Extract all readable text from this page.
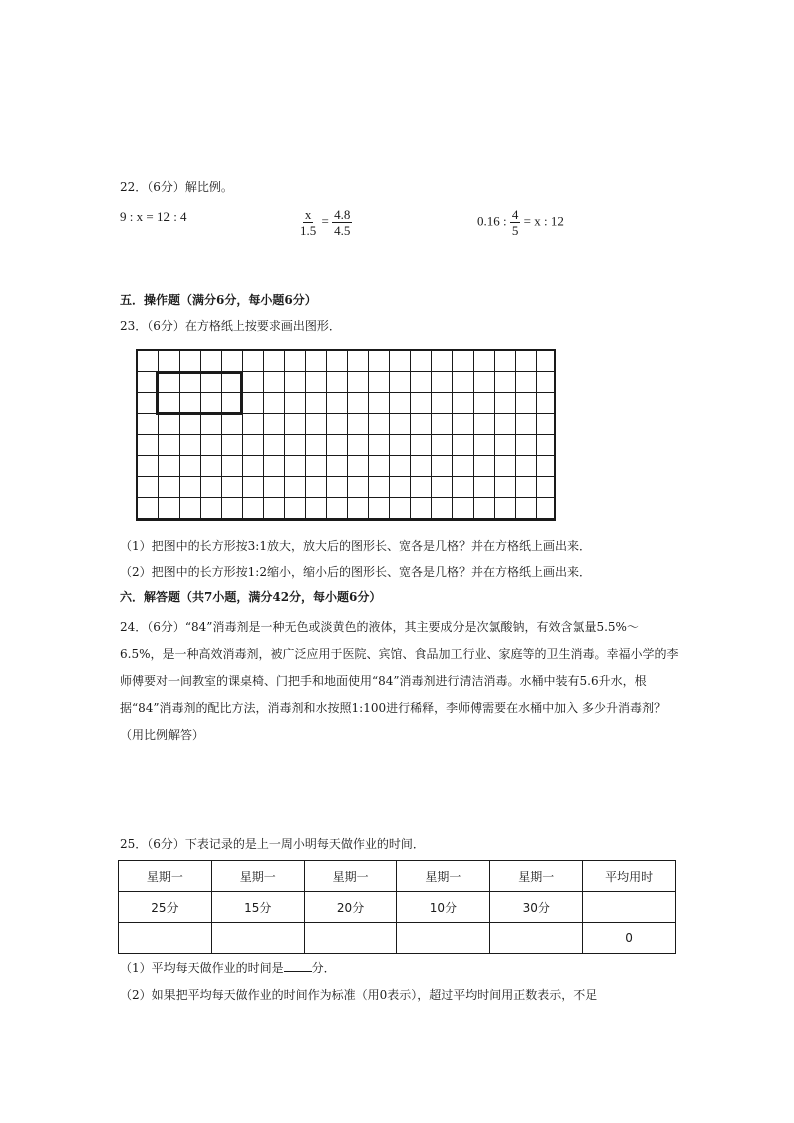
22．（6分）解比例。
9 : x = 12 : 4	$\frac{x}{1.5} = \frac{4.8}{4.5}$	0.16 : $\frac{4}{5} = x$ : 12
五．操作题（满分6分，每小题6分）
23．（6分）在方格纸上按要求画出图形．
（1）把图中的长方形按3:1放大，放大后的图形长、宽各是几格？并在方格纸上画出来．
（2）把图中的长方形按1:2缩小，缩小后的图形长、宽各是几格？并在方格纸上画出来．
六．解答题（共7小题，满分42分，每小题6分）
24．（6分）“84”消毒剂是一种无色或淡黄色的液体，其主要成分是次氯酸钠，有效含氯量5.5%～6.5%，是一种高效消毒剂，被广泛应用于医院、宾馆、食品加工行业、家庭等的卫生消毒。幸福小学的李师傅要对一间教室的课桌椅、门把手和地面使用“84”消毒剂进行清洁消毒。水桶中装有5.6升水，根据“84”消毒剂的配比方法，消毒剂和水按照1:100进行稀释，李师傅需要在水桶中加入 多少升消毒剂？（用比例解答）
25．（6分）下表记录的是上一周小明每天做作业的时间．
星期一	星期一	星期一	星期一	星期一	平均用时
25分	15分	20分	10分	30分	
					0
（1）平均每天做作业的时间是 分．
（2）如果把平均每天做作业的时间作为标准（用0表示），超过平均时间用正数表示，不足
